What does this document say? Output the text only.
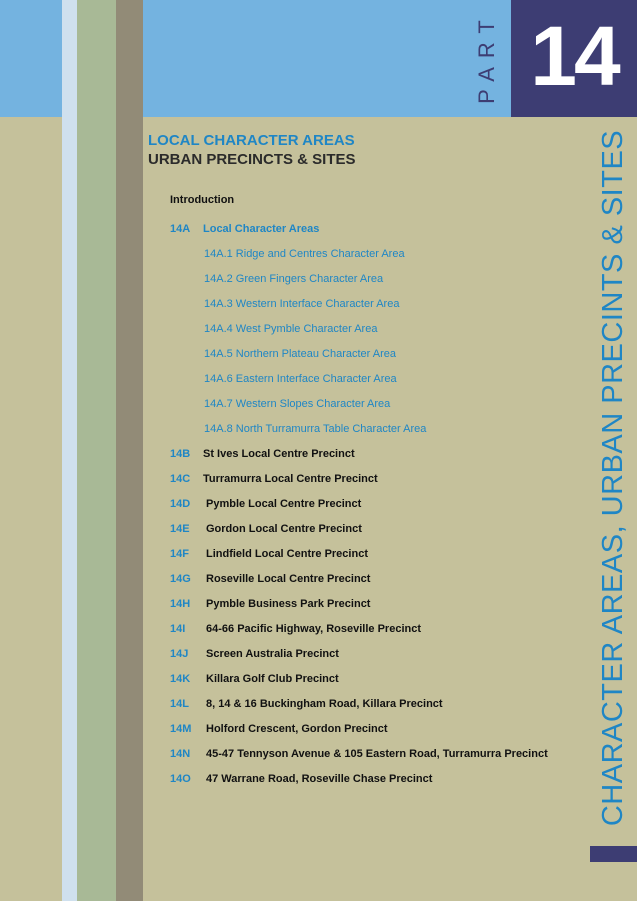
PART 14
CHARACTER AREAS, URBAN PRECINTS & SITES
LOCAL CHARACTER AREAS
URBAN PRECINCTS & SITES
Introduction
14A Local Character Areas
14A.1 Ridge and Centres Character Area
14A.2 Green Fingers Character Area
14A.3 Western Interface Character Area
14A.4 West Pymble Character Area
14A.5 Northern Plateau Character Area
14A.6 Eastern Interface Character Area
14A.7 Western Slopes Character Area
14A.8 North Turramurra Table Character Area
14B St Ives Local Centre Precinct
14C Turramurra Local Centre Precinct
14D Pymble Local Centre Precinct
14E Gordon Local Centre Precinct
14F Lindfield Local Centre Precinct
14G Roseville Local Centre Precinct
14H Pymble Business Park Precinct
14I 64-66 Pacific Highway, Roseville Precinct
14J Screen Australia Precinct
14K Killara Golf Club Precinct
14L 8, 14 & 16 Buckingham Road, Killara Precinct
14M Holford Crescent, Gordon Precinct
14N 45-47 Tennyson Avenue & 105 Eastern Road, Turramurra Precinct
14O 47 Warrane Road, Roseville Chase Precinct
